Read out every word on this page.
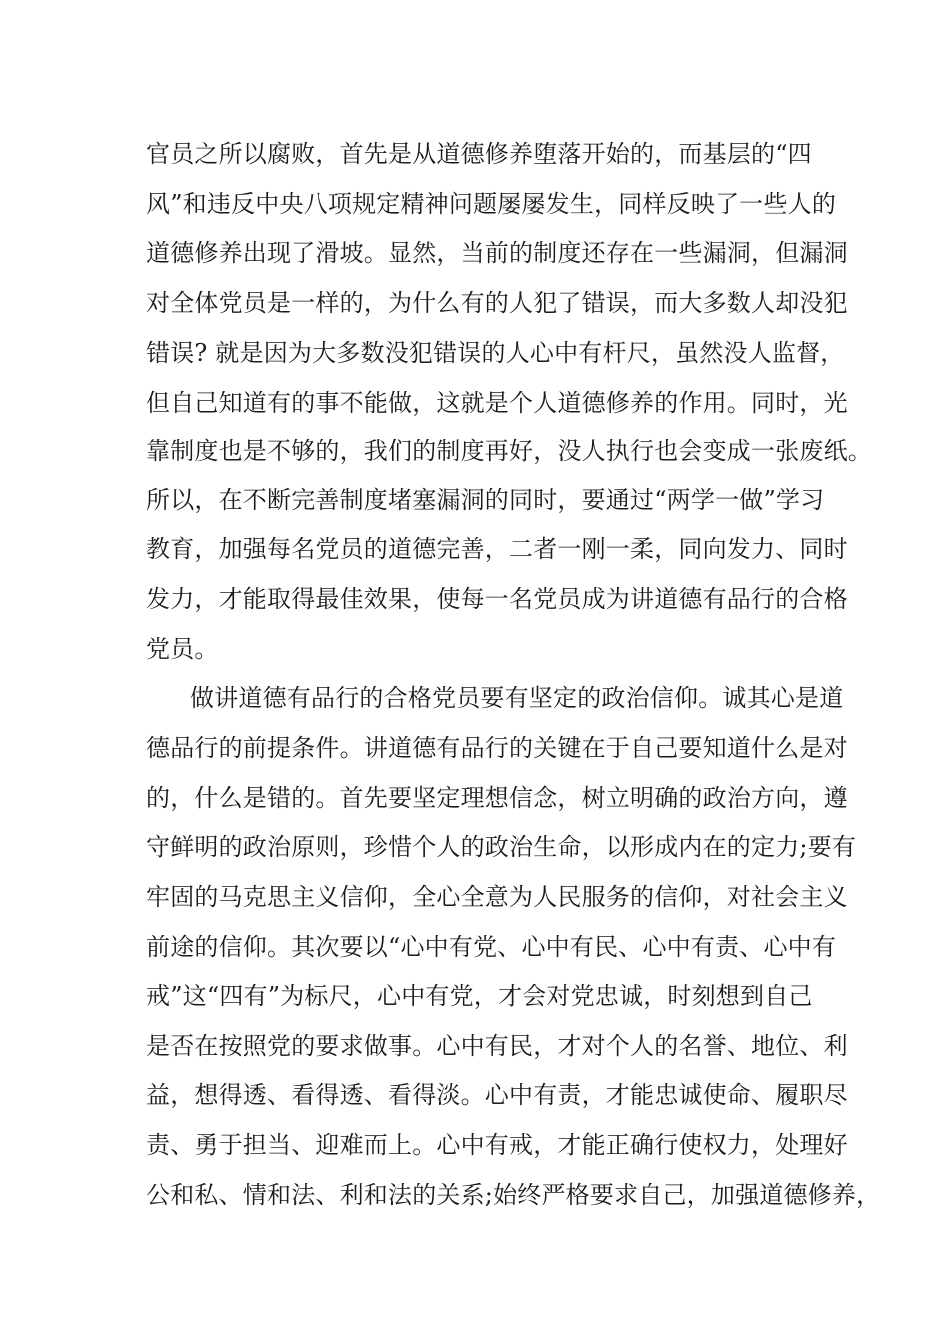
官员之所以腐败，首先是从道德修养堕落开始的，而基层的“四
风”和违反中央八项规定精神问题屡屡发生，同样反映了一些人的
道德修养出现了滑坡。显然，当前的制度还存在一些漏洞，但漏洞
对全体党员是一样的，为什么有的人犯了错误，而大多数人却没犯
错误? 就是因为大多数没犯错误的人心中有杆尺，虽然没人监督，
但自己知道有的事不能做，这就是个人道德修养的作用。同时，光
靠制度也是不够的，我们的制度再好，没人执行也会变成一张废纸。
所以，在不断完善制度堵塞漏洞的同时，要通过“两学一做”学习
教育，加强每名党员的道德完善，二者一刚一柔，同向发力、同时
发力，才能取得最佳效果，使每一名党员成为讲道德有品行的合格
党员。
做讲道德有品行的合格党员要有坚定的政治信仰。诚其心是道
德品行的前提条件。讲道德有品行的关键在于自己要知道什么是对
的，什么是错的。首先要坚定理想信念，树立明确的政治方向，遵
守鲜明的政治原则，珍惜个人的政治生命，以形成内在的定力;要有
牢固的马克思主义信仰，全心全意为人民服务的信仰，对社会主义
前途的信仰。其次要以“心中有党、心中有民、心中有责、心中有
戒”这“四有”为标尺，心中有党，才会对党忠诚，时刻想到自己
是否在按照党的要求做事。心中有民，才对个人的名誉、地位、利
益，想得透、看得透、看得淡。心中有责，才能忠诚使命、履职尽
责、勇于担当、迎难而上。心中有戒，才能正确行使权力，处理好
公和私、情和法、利和法的关系;始终严格要求自己，加强道德修养，
